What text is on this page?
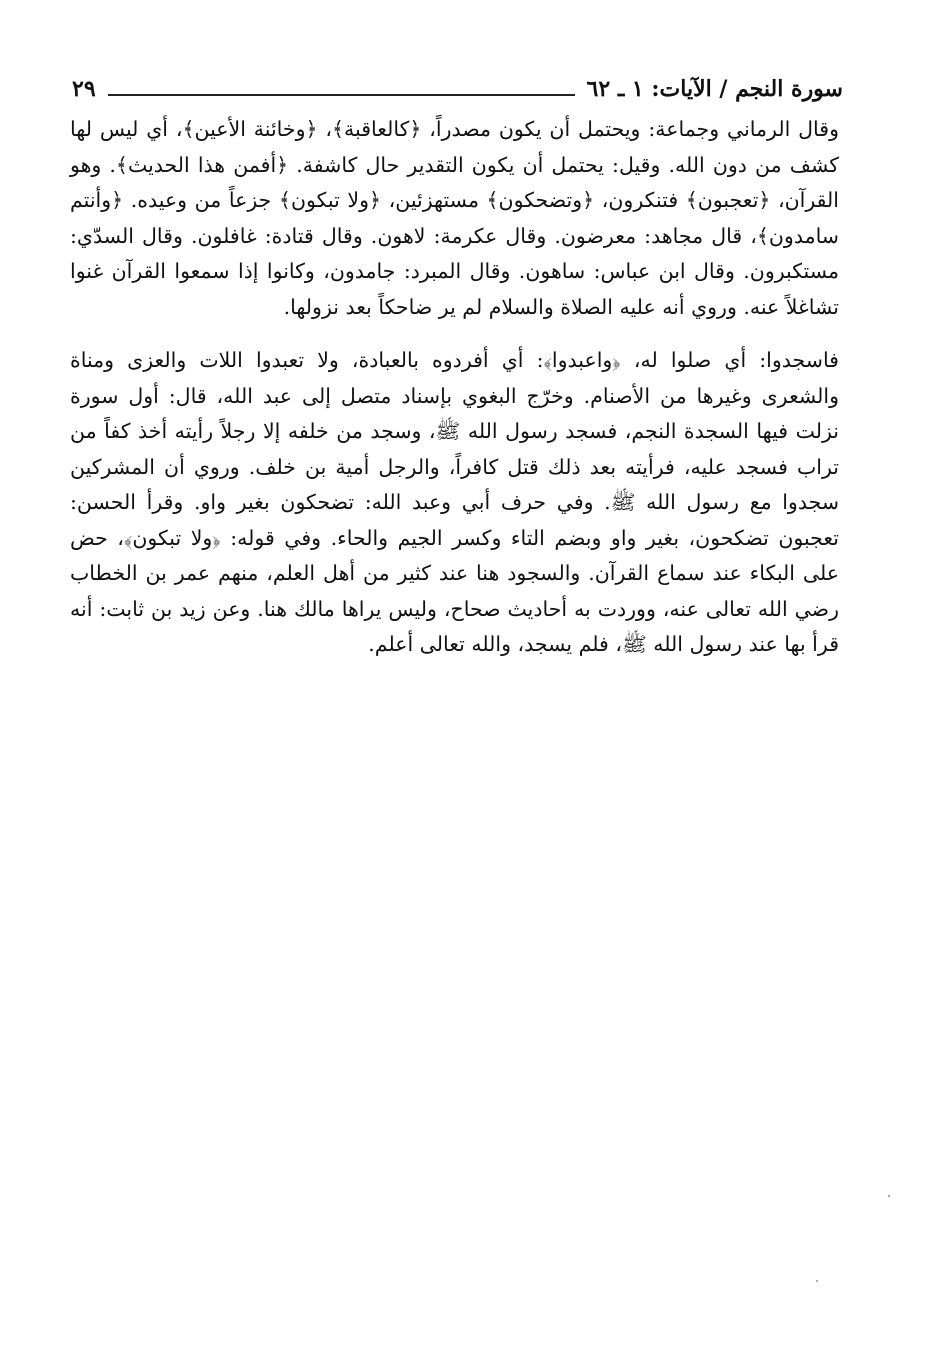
سورة النجم / الآيات: ١ ـ ٦٢
٢٩

وقال الرماني وجماعة: ويحتمل أن يكون مصدراً، ﴿كالعاقبة﴾، ﴿وخائنة الأعين﴾، أي ليس لها كشف من دون الله. وقيل: يحتمل أن يكون التقدير حال كاشفة. ﴿أفمن هذا الحديث﴾. وهو القرآن، ﴿تعجبون﴾ فتنكرون، ﴿وتضحكون﴾ مستهزئين، ﴿ولا تبكون﴾ جزعاً من وعيده. ﴿وأنتم سامدون﴾، قال مجاهد: معرضون. وقال عكرمة: لاهون. وقال قتادة: غافلون. وقال السدّي: مستكبرون. وقال ابن عباس: ساهون. وقال المبرد: جامدون، وكانوا إذا سمعوا القرآن غنوا تشاغلاً عنه. وروي أنه عليه الصلاة والسلام لم ير ضاحكاً بعد نزولها.

فاسجدوا: أي صلوا له، ﴿واعبدوا﴾: أي أفردوه بالعبادة، ولا تعبدوا اللات والعزى ومناة والشعرى وغيرها من الأصنام. وخرّج البغوي بإسناد متصل إلى عبد الله، قال: أول سورة نزلت فيها السجدة النجم، فسجد رسول الله ﷺ، وسجد من خلفه إلا رجلاً رأيته أخذ كفاً من تراب فسجد عليه، فرأيته بعد ذلك قتل كافراً، والرجل أمية بن خلف. وروي أن المشركين سجدوا مع رسول الله ﷺ. وفي حرف أبي وعبد الله: تضحكون بغير واو. وقرأ الحسن: تعجبون تضكحون، بغير واو وبضم التاء وكسر الجيم والحاء. وفي قوله: ﴿ولا تبكون﴾، حض على البكاء عند سماع القرآن. والسجود هنا عند كثير من أهل العلم، منهم عمر بن الخطاب رضي الله تعالى عنه، ووردت به أحاديث صحاح، وليس يراها مالك هنا. وعن زيد بن ثابت: أنه قرأ بها عند رسول الله ﷺ، فلم يسجد، والله تعالى أعلم.
